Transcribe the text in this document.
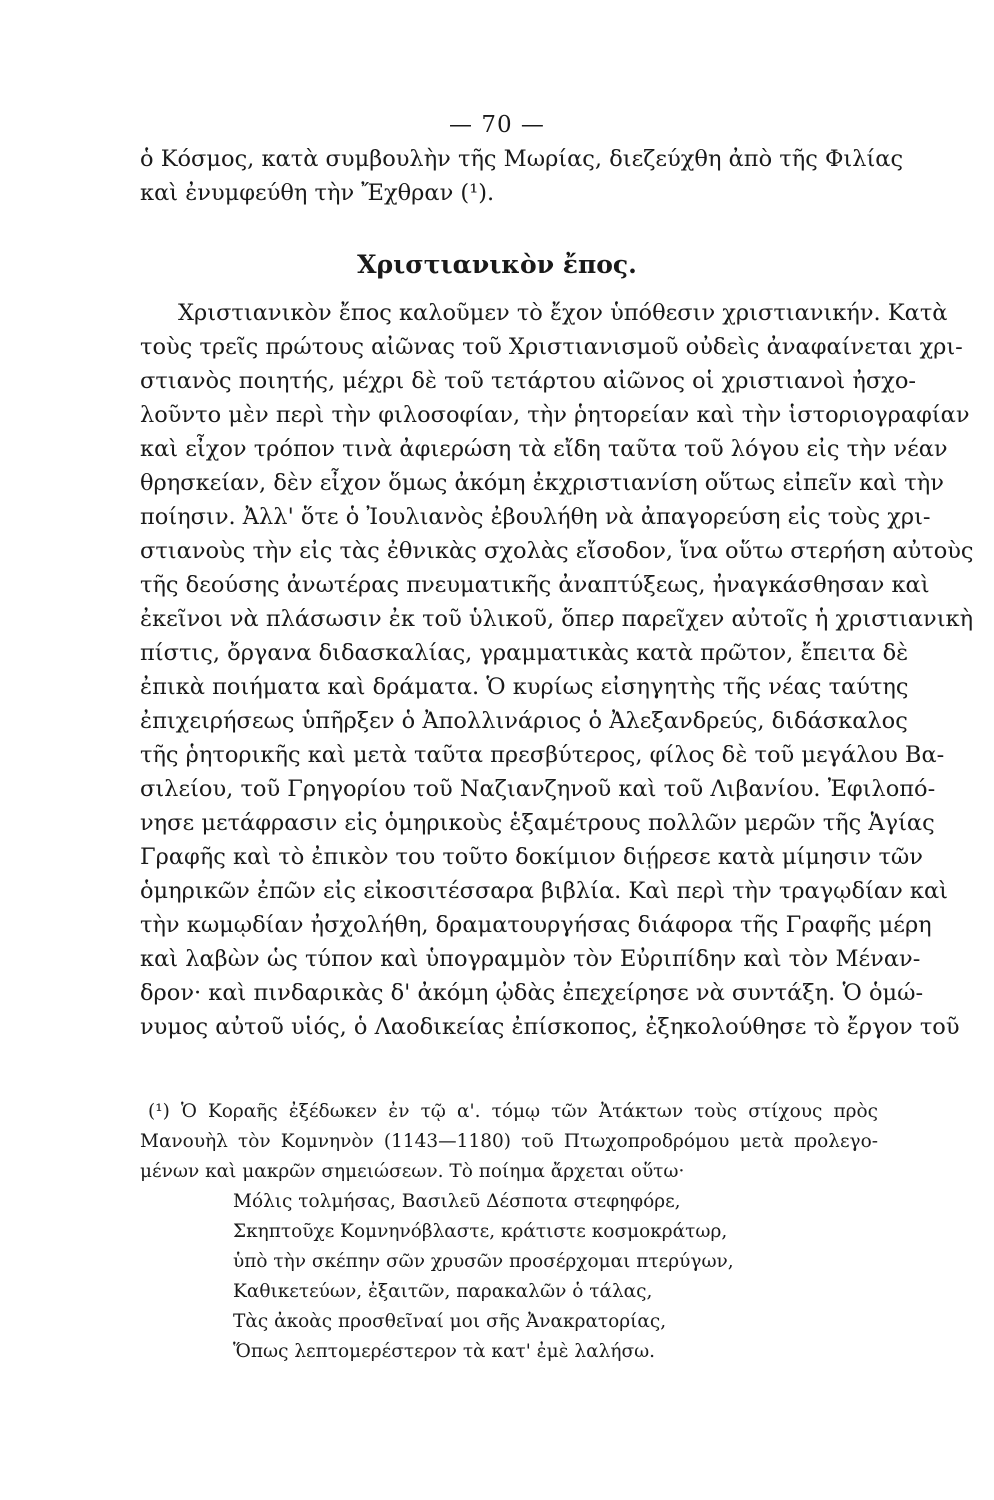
— 70 —
ὁ Κόσμος, κατὰ συμβουλὴν τῆς Μωρίας, διεζεύχθη ἀπὸ τῆς Φιλίας
καὶ ἐνυμφεύθη τὴν Ἔχθραν (¹).
Χριστιανικὸν ἔπος.
Χριστιανικὸν ἔπος καλοῦμεν τὸ ἔχον ὑπόθεσιν χριστιανικήν. Κατὰ
τοὺς τρεῖς πρώτους αἰῶνας τοῦ Χριστιανισμοῦ οὐδεὶς ἀναφαίνεται χρι-
στιανὸς ποιητής, μέχρι δὲ τοῦ τετάρτου αἰῶνος οἱ χριστιανοὶ ἠσχο-
λοῦντο μὲν περὶ τὴν φιλοσοφίαν, τὴν ῥητορείαν καὶ τὴν ἱστοριογραφίαν
καὶ εἶχον τρόπον τινὰ ἀφιερώση τὰ εἴδη ταῦτα τοῦ λόγου εἰς τὴν νέαν
θρησκείαν, δὲν εἶχον ὅμως ἀκόμη ἐκχριστιανίση οὕτως εἰπεῖν καὶ τὴν
ποίησιν. Ἀλλ' ὅτε ὁ Ἰουλιανὸς ἐβουλήθη νὰ ἀπαγορεύση εἰς τοὺς χρι-
στιανοὺς τὴν εἰς τὰς ἐθνικὰς σχολὰς εἴσοδον, ἵνα οὕτω στερήση αὐτοὺς
τῆς δεούσης ἀνωτέρας πνευματικῆς ἀναπτύξεως, ἠναγκάσθησαν καὶ
ἐκεῖνοι νὰ πλάσωσιν ἐκ τοῦ ὑλικοῦ, ὅπερ παρεῖχεν αὐτοῖς ἡ χριστιανικὴ
πίστις, ὄργανα διδασκαλίας, γραμματικὰς κατὰ πρῶτον, ἔπειτα δὲ
ἐπικὰ ποιήματα καὶ δράματα. Ὁ κυρίως εἰσηγητὴς τῆς νέας ταύτης
ἐπιχειρήσεως ὑπῆρξεν ὁ Ἀπολλινάριος ὁ Ἀλεξανδρεύς, διδάσκαλος
τῆς ῥητορικῆς καὶ μετὰ ταῦτα πρεσβύτερος, φίλος δὲ τοῦ μεγάλου Βα-
σιλείου, τοῦ Γρηγορίου τοῦ Ναζιανζηνοῦ καὶ τοῦ Λιβανίου. Ἐφιλοπό-
νησε μετάφρασιν εἰς ὁμηρικοὺς ἑξαμέτρους πολλῶν μερῶν τῆς Ἁγίας
Γραφῆς καὶ τὸ ἐπικὸν του τοῦτο δοκίμιον διῄρεσε κατὰ μίμησιν τῶν
ὁμηρικῶν ἐπῶν εἰς εἰκοσιτέσσαρα βιβλία. Καὶ περὶ τὴν τραγῳδίαν καὶ
τὴν κωμῳδίαν ἠσχολήθη, δραματουργήσας διάφορα τῆς Γραφῆς μέρη
καὶ λαβὼν ὡς τύπον καὶ ὑπογραμμὸν τὸν Εὐριπίδην καὶ τὸν Μέναν-
δρον· καὶ πινδαρικὰς δ' ἀκόμη ᾠδὰς ἐπεχείρησε νὰ συντάξη. Ὁ ὁμώ-
νυμος αὐτοῦ υἱός, ὁ Λαοδικείας ἐπίσκοπος, ἐξηκολούθησε τὸ ἔργον τοῦ
(¹) Ὁ Κοραῆς ἐξέδωκεν ἐν τῷ α'. τόμῳ τῶν Ἀτάκτων τοὺς στίχους πρὸς
Μανουὴλ τὸν Κομνηνὸν (1143—1180) τοῦ Πτωχοπροδρόμου μετὰ προλεγο-
μένων καὶ μακρῶν σημειώσεων. Τὸ ποίημα ἄρχεται οὕτω·
Μόλις τολμήσας, Βασιλεῦ Δέσποτα στεφηφόρε,
Σκηπτοῦχε Κομνηνόβλαστε, κράτιστε κοσμοκράτωρ,
ὑπὸ τὴν σκέπην σῶν χρυσῶν προσέρχομαι πτερύγων,
Καθικετεύων, ἐξαιτῶν, παρακαλῶν ὁ τάλας,
Τὰς ἀκοὰς προσθεῖναί μοι σῆς Ἀνακρατορίας,
Ὅπως λεπτομερέστερον τὰ κατ' ἐμὲ λαλήσω.
